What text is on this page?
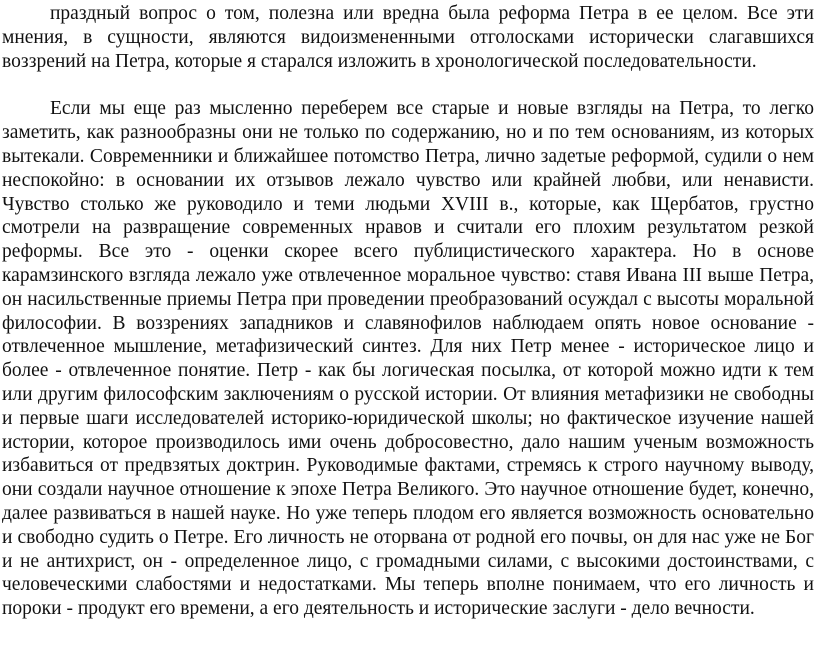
праздный вопрос о том, полезна или вредна была реформа Петра в ее целом. Все эти мнения, в сущности, являются видоизмененными отголосками исторически слагавшихся воззрений на Петра, которые я старался изложить в хронологической последовательности.

Если мы еще раз мысленно переберем все старые и новые взгляды на Петра, то легко заметить, как разнообразны они не только по содержанию, но и по тем основаниям, из которых вытекали. Современники и ближайшее потомство Петра, лично задетые реформой, судили о нем неспокойно: в основании их отзывов лежало чувство или крайней любви, или ненависти. Чувство столько же руководило и теми людьми XVIII в., которые, как Щербатов, грустно смотрели на развращение современных нравов и считали его плохим результатом резкой реформы. Все это - оценки скорее всего публицистического характера. Но в основе карамзинского взгляда лежало уже отвлеченное моральное чувство: ставя Ивана III выше Петра, он насильственные приемы Петра при проведении преобразований осуждал с высоты моральной философии. В воззрениях западников и славянофилов наблюдаем опять новое основание - отвлеченное мышление, метафизический синтез. Для них Петр менее - историческое лицо и более - отвлеченное понятие. Петр - как бы логическая посылка, от которой можно идти к тем или другим философским заключениям о русской истории. От влияния метафизики не свободны и первые шаги исследователей историко-юридической школы; но фактическое изучение нашей истории, которое производилось ими очень добросовестно, дало нашим ученым возможность избавиться от предвзятых доктрин. Руководимые фактами, стремясь к строго научному выводу, они создали научное отношение к эпохе Петра Великого. Это научное отношение будет, конечно, далее развиваться в нашей науке. Но уже теперь плодом его является возможность основательно и свободно судить о Петре. Его личность не оторвана от родной его почвы, он для нас уже не Бог и не антихрист, он - определенное лицо, с громадными силами, с высокими достоинствами, с человеческими слабостями и недостатками. Мы теперь вполне понимаем, что его личность и пороки - продукт его времени, а его деятельность и исторические заслуги - дело вечности.
